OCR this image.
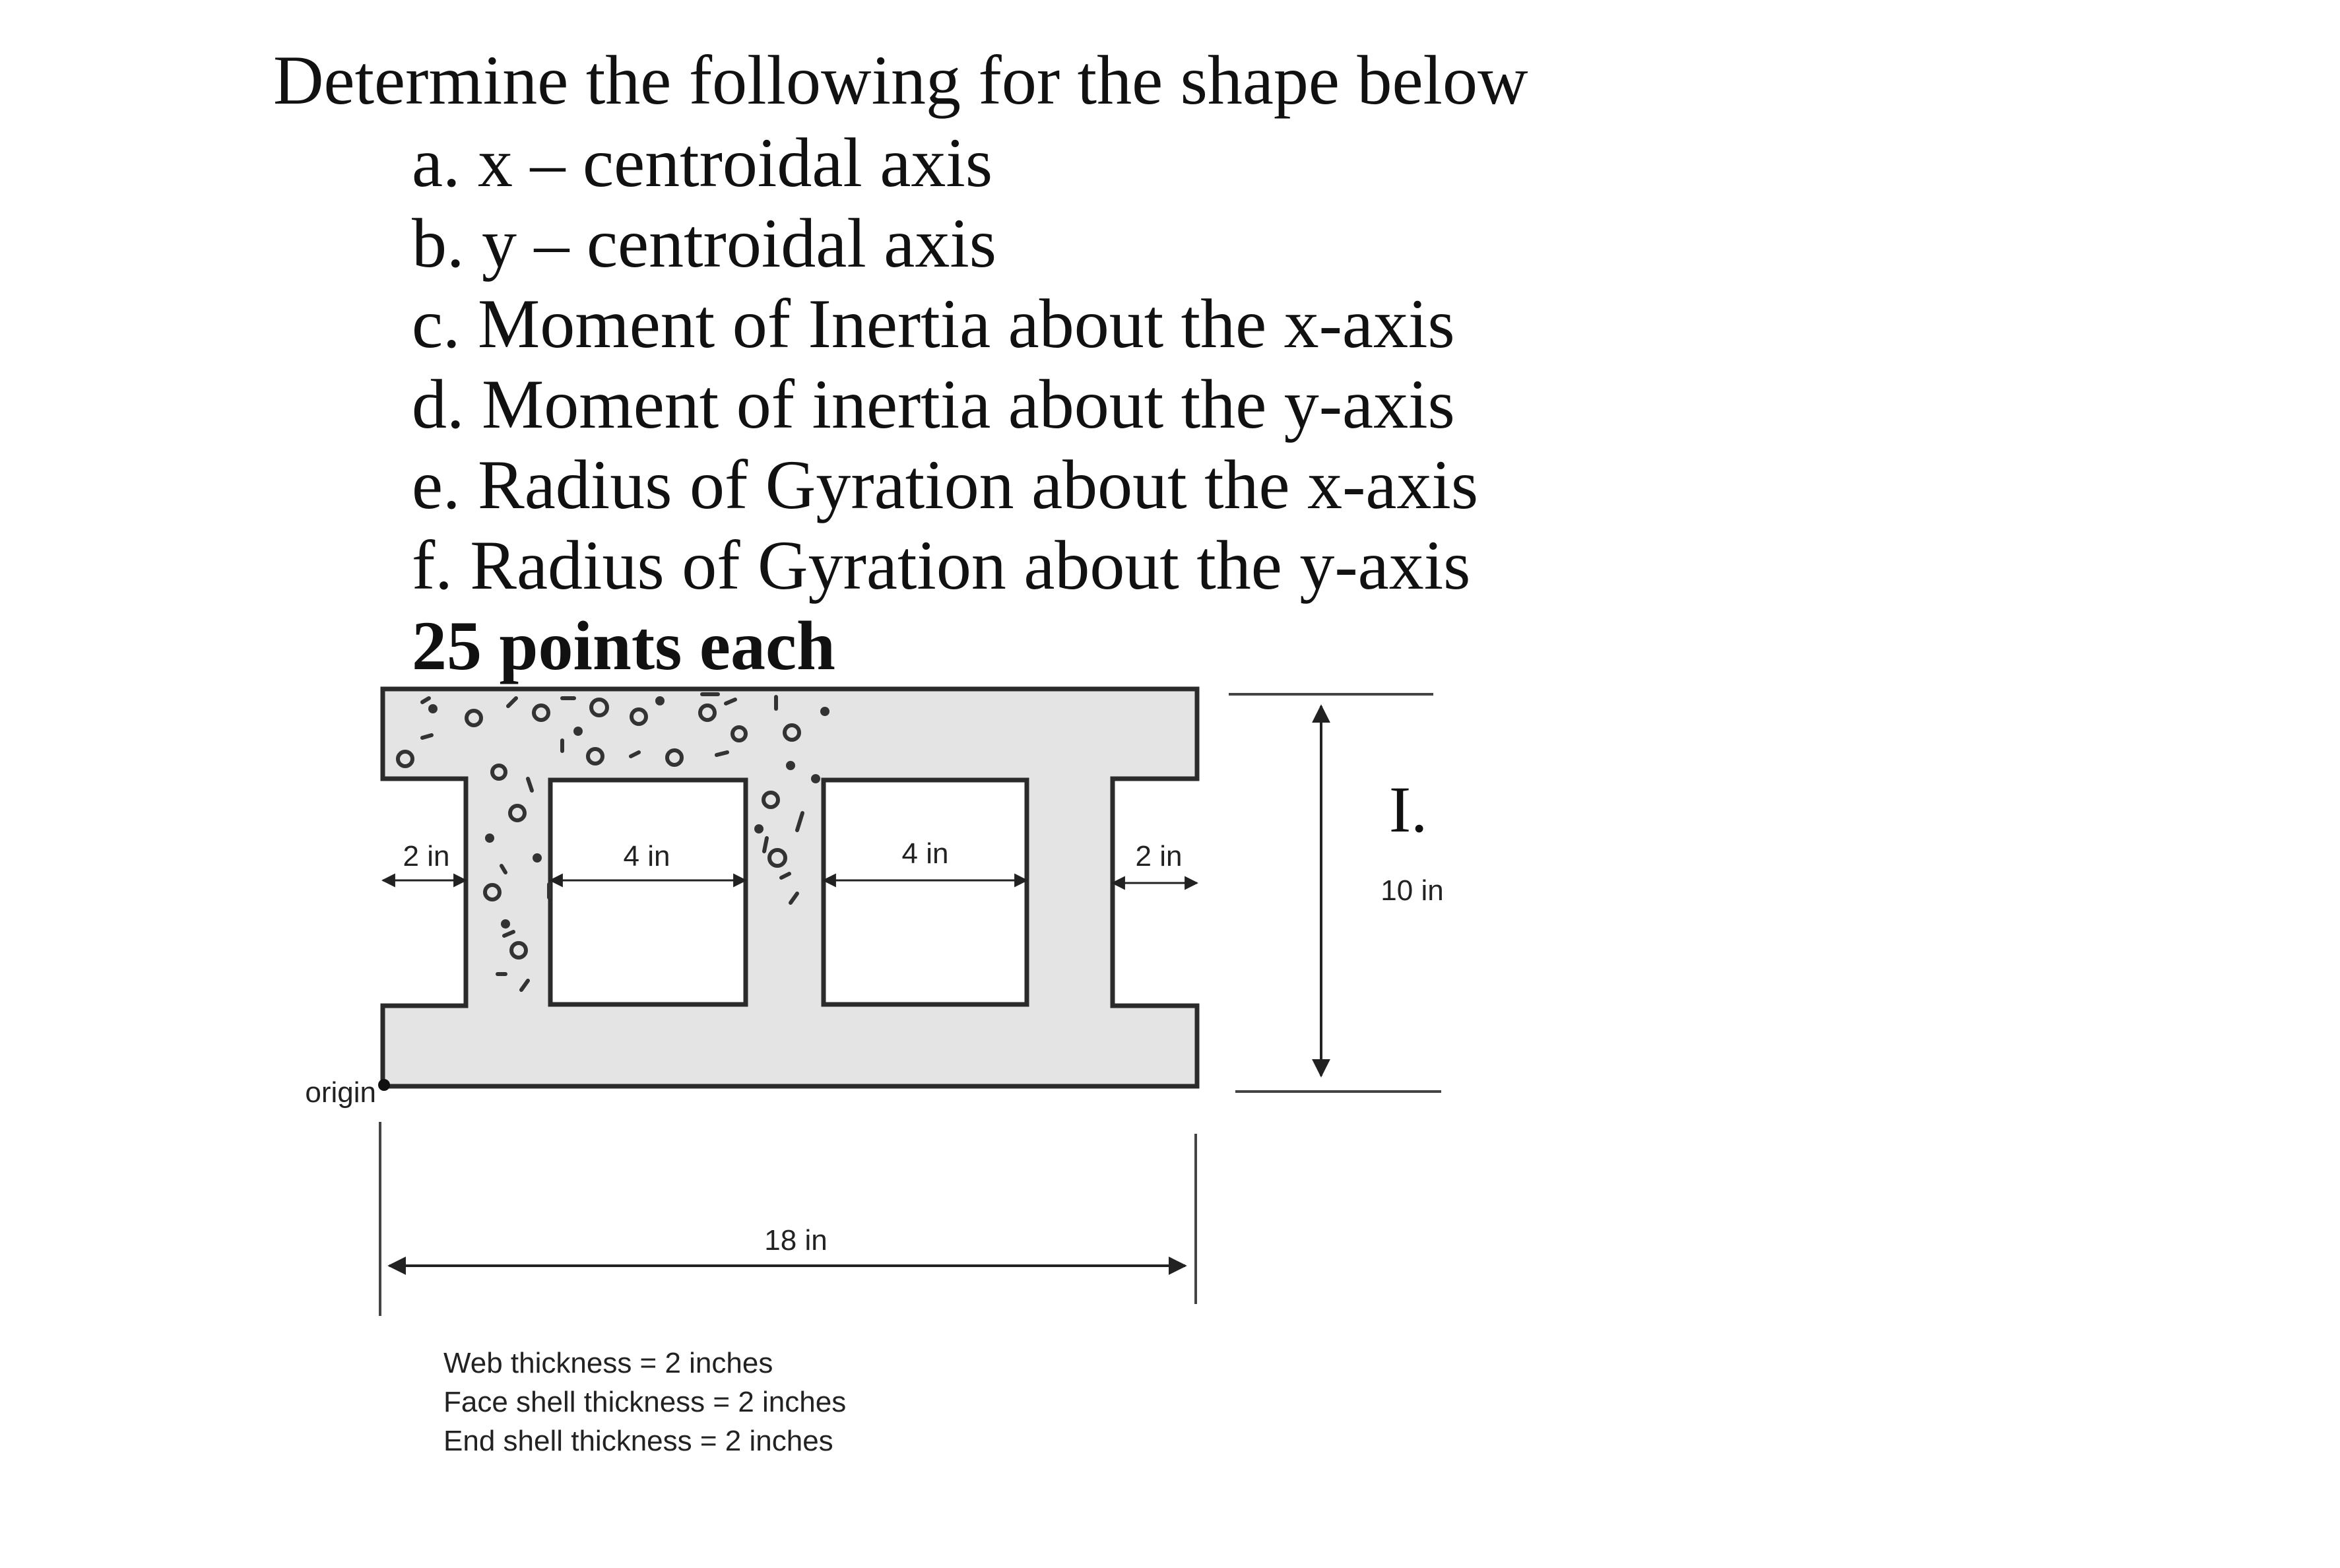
Determine the following for the shape below
a. x – centroidal axis
b. y – centroidal axis
c. Moment of Inertia about the x-axis
d. Moment of inertia about the y-axis
e. Radius of Gyration about the x-axis
f. Radius of Gyration about the y-axis
25 points each
2 in	4 in	4 in	2 in
I.
10 in
origin
18 in
Web thickness = 2 inches
Face shell thickness = 2 inches
End shell thickness = 2 inches
